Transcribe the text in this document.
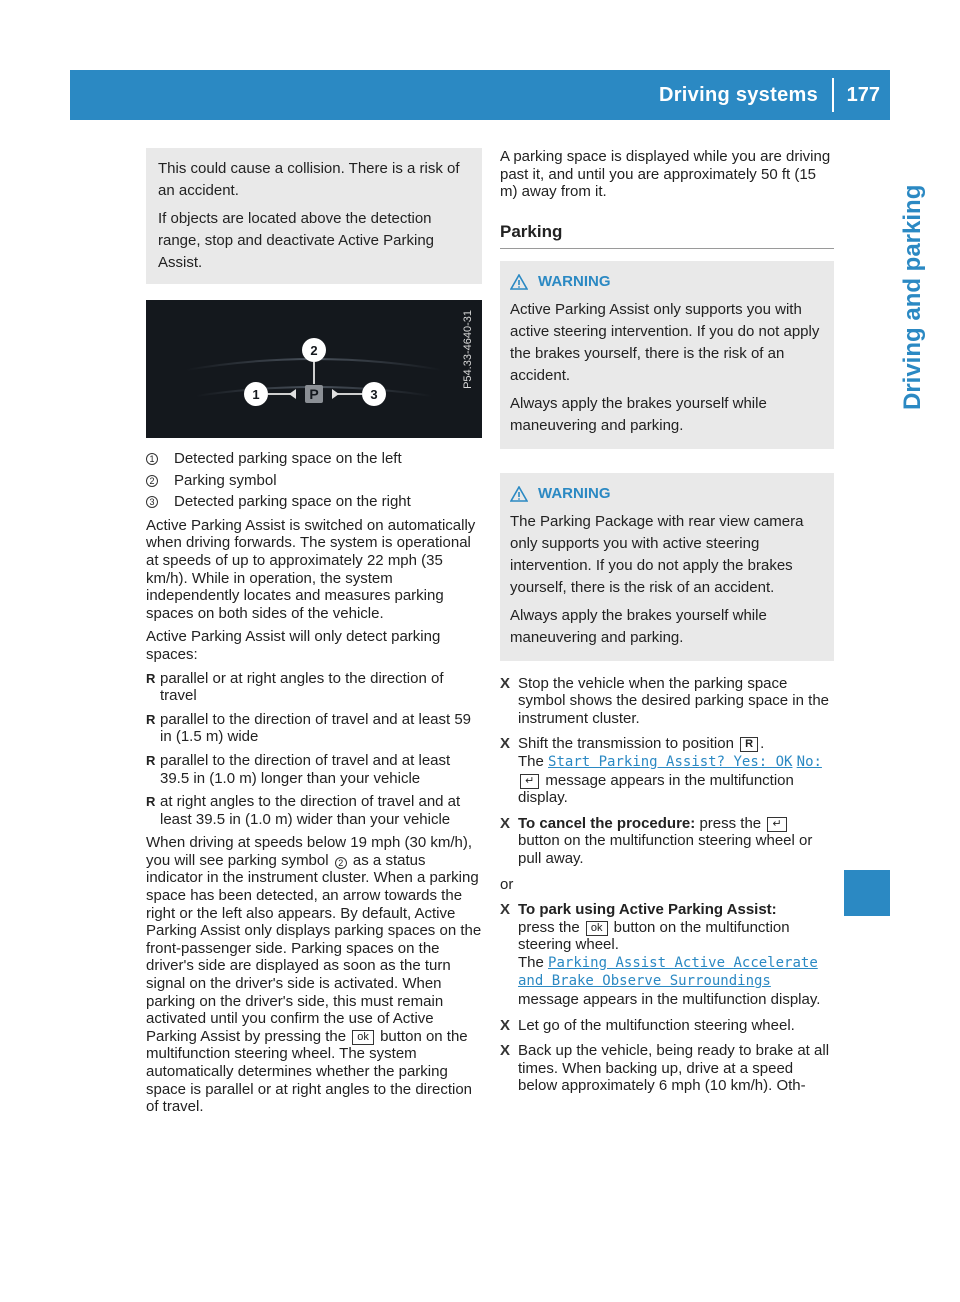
Driving systems 177
Driving and parking

This could cause a collision. There is a risk of an accident.

If objects are located above the detection range, stop and deactivate Active Parking Assist.

P
1
2
3
P54.33-4640-31
1 Detected parking space on the left
2 Parking symbol
3 Detected parking space on the right

Active Parking Assist is switched on automatically when driving forwards. The system is operational at speeds of up to approximately 22 mph (35 km/h). While in operation, the system independently locates and measures parking spaces on both sides of the vehicle.

Active Parking Assist will only detect parking spaces:

R parallel or at right angles to the direction of travel
R parallel to the direction of travel and at least 59 in (1.5 m) wide
R parallel to the direction of travel and at least 39.5 in (1.0 m) longer than your vehicle
R at right angles to the direction of travel and at least 39.5 in (1.0 m) wider than your vehicle

When driving at speeds below 19 mph (30 km/h), you will see parking symbol 2 as a status indicator in the instrument cluster. When a parking space has been detected, an arrow towards the right or the left also appears. By default, Active Parking Assist only displays parking spaces on the front-passenger side. Parking spaces on the driver's side are displayed as soon as the turn signal on the driver's side is activated. When parking on the driver's side, this must remain activated until you confirm the use of Active Parking Assist by pressing the ok button on the multifunction steering wheel. The system automatically determines whether the parking space is parallel or at right angles to the direction of travel.

A parking space is displayed while you are driving past it, and until you are approximately 50 ft (15 m) away from it.

Parking
WARNING

Active Parking Assist only supports you with active steering intervention. If you do not apply the brakes yourself, there is the risk of an accident.

Always apply the brakes yourself while maneuvering and parking.

WARNING

The Parking Package with rear view camera only supports you with active steering intervention. If you do not apply the brakes yourself, there is the risk of an accident.

Always apply the brakes yourself while maneuvering and parking.

X Stop the vehicle when the parking space symbol shows the desired parking space in the instrument cluster.
X Shift the transmission to position R .
The Start Parking Assist? Yes: OK No: ↵ message appears in the multifunction display.
X To cancel the procedure: press the ↵ button on the multifunction steering wheel or pull away.
or
X To park using Active Parking Assist:
press the ok button on the multifunction steering wheel.
The Parking Assist Active Accelerate and Brake Observe Surroundings message appears in the multifunction display.
X Let go of the multifunction steering wheel.
X Back up the vehicle, being ready to brake at all times. When backing up, drive at a speed below approximately 6 mph (10 km/h). Oth-
